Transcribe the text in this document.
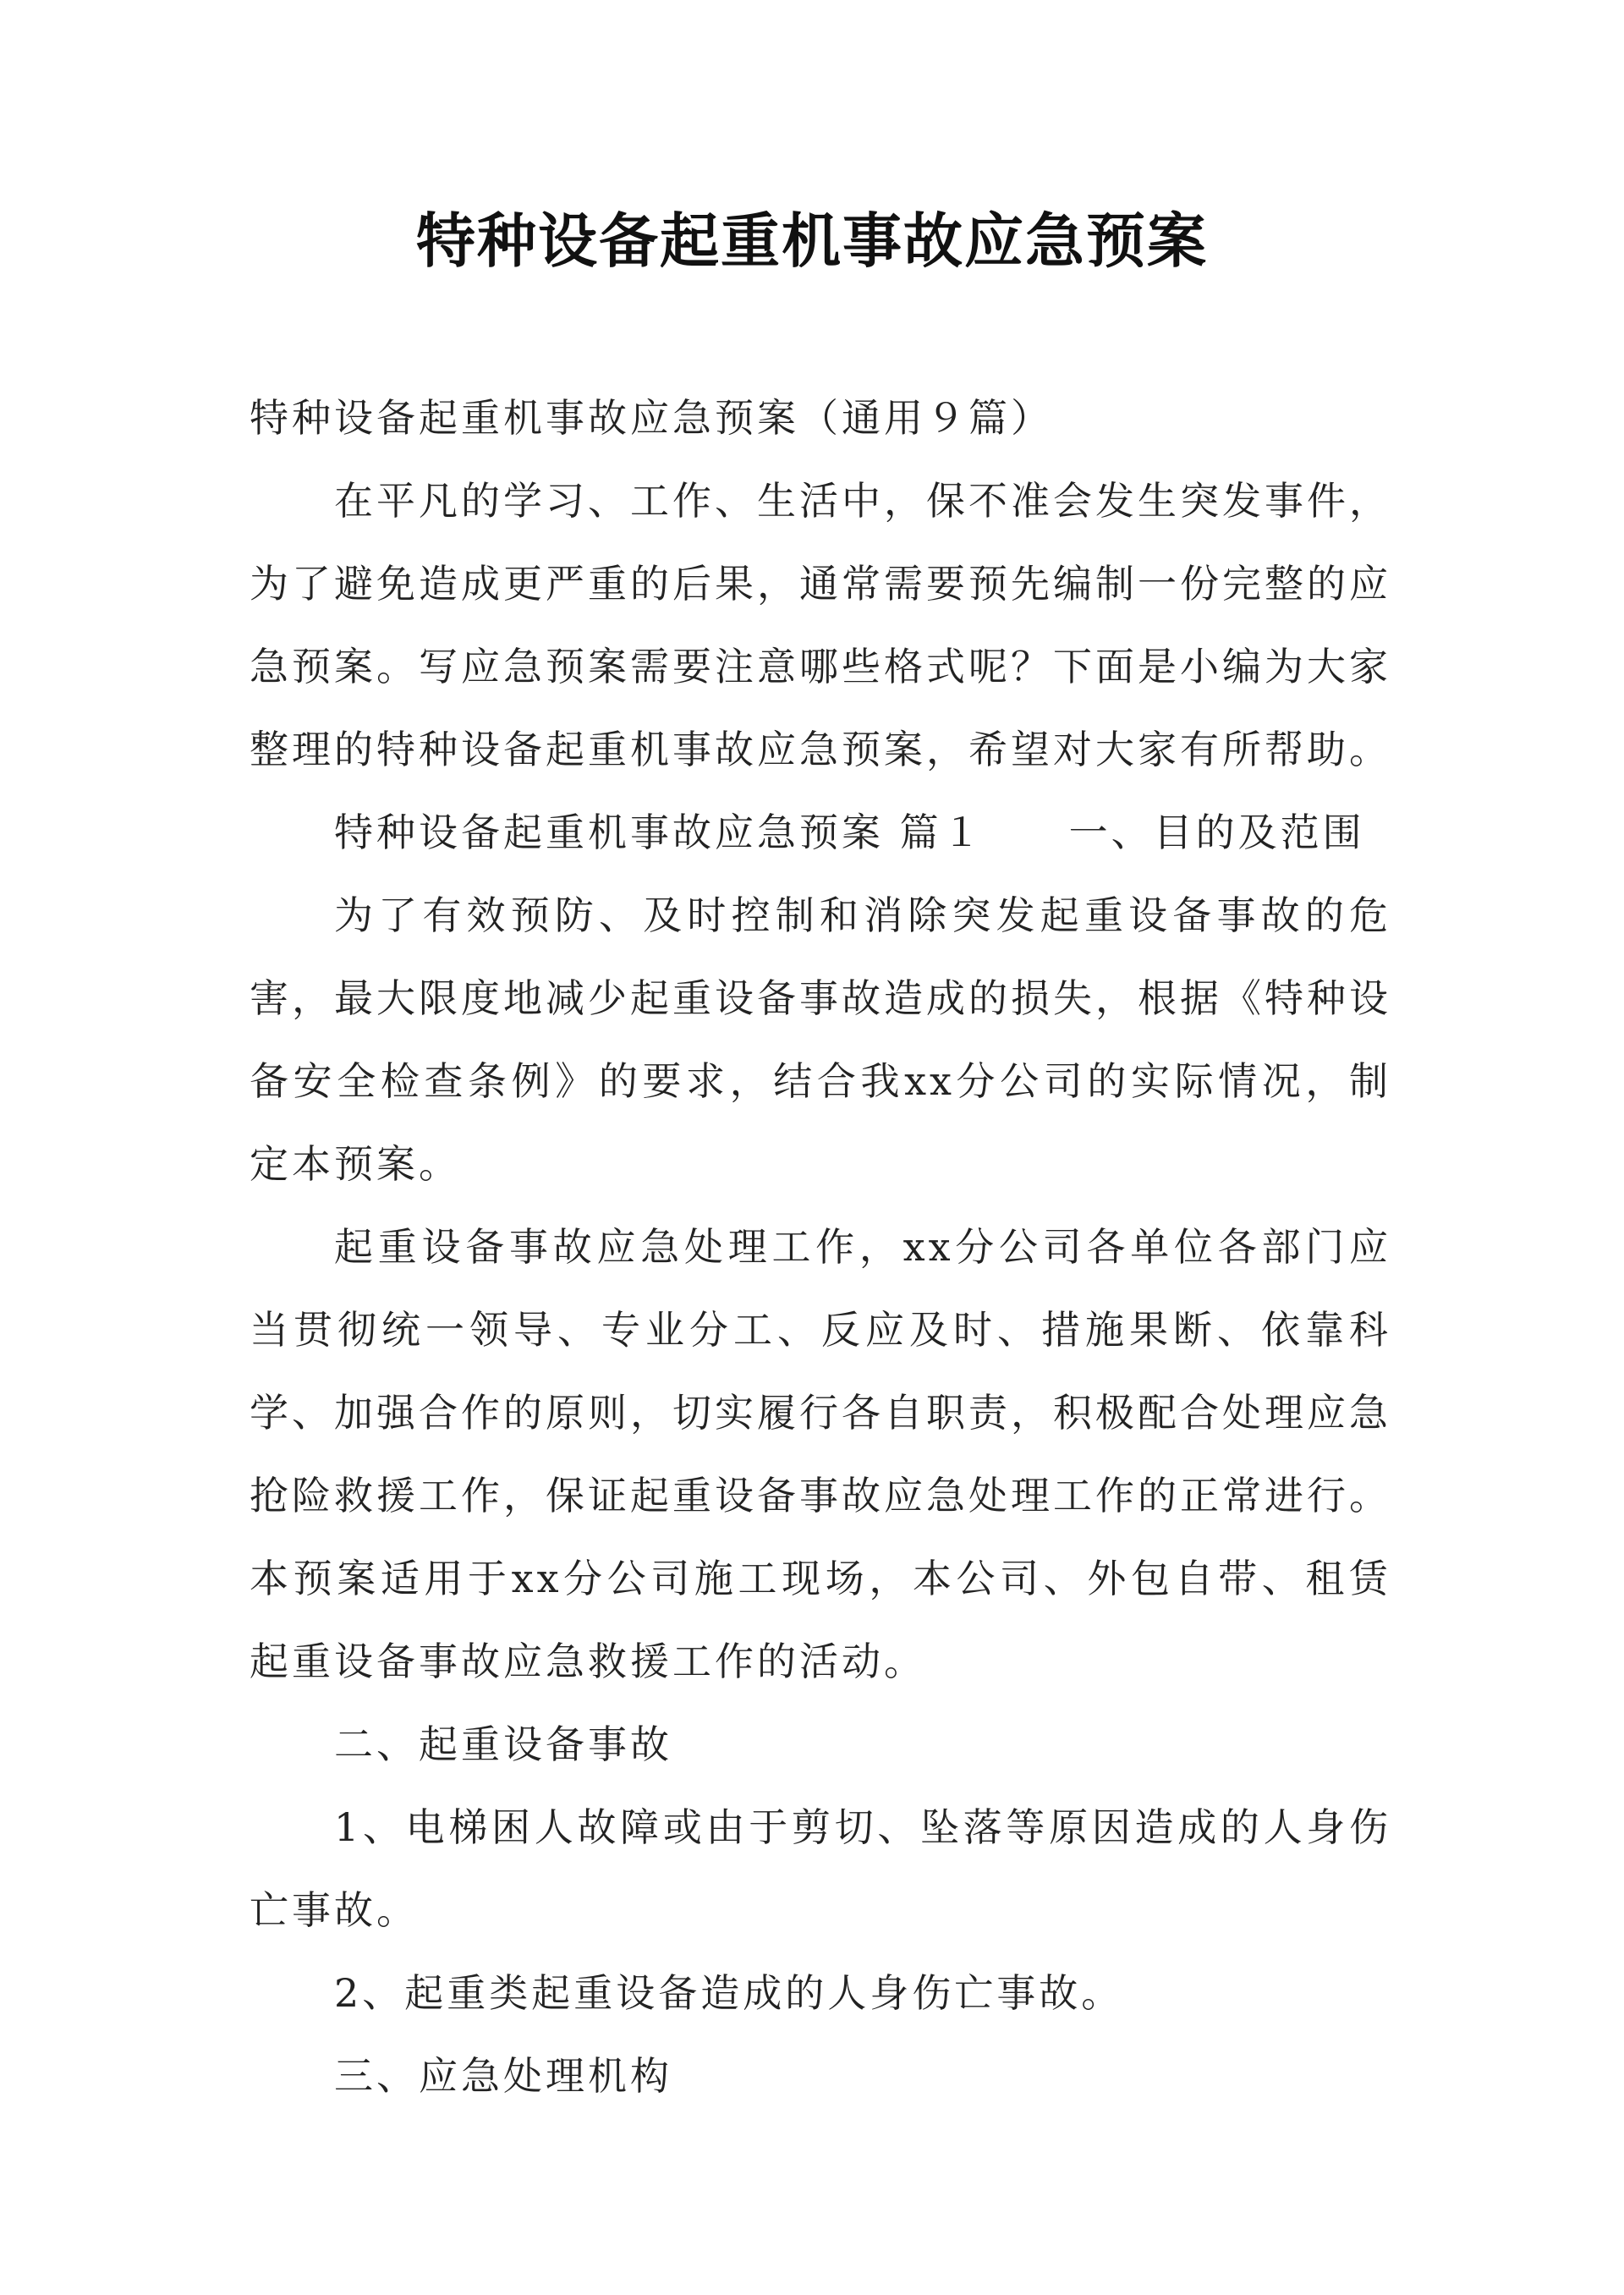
特种设备起重机事故应急预案

特种设备起重机事故应急预案（通用９篇）

在平凡的学习、工作、生活中，保不准会发生突发事件，为了避免造成更严重的后果，通常需要预先编制一份完整的应急预案。写应急预案需要注意哪些格式呢？下面是小编为大家整理的特种设备起重机事故应急预案，希望对大家有所帮助。

特种设备起重机事故应急预案 篇１ 一、目的及范围

为了有效预防、及时控制和消除突发起重设备事故的危害，最大限度地减少起重设备事故造成的损失，根据《特种设备安全检查条例》的要求，结合我xx分公司的实际情况，制定本预案。

起重设备事故应急处理工作，xx分公司各单位各部门应当贯彻统一领导、专业分工、反应及时、措施果断、依靠科学、加强合作的原则，切实履行各自职责，积极配合处理应急抢险救援工作，保证起重设备事故应急处理工作的正常进行。本预案适用于xx分公司施工现场，本公司、外包自带、租赁起重设备事故应急救援工作的活动。

二、起重设备事故

1、电梯困人故障或由于剪切、坠落等原因造成的人身伤亡事故。

2、起重类起重设备造成的人身伤亡事故。

三、应急处理机构
